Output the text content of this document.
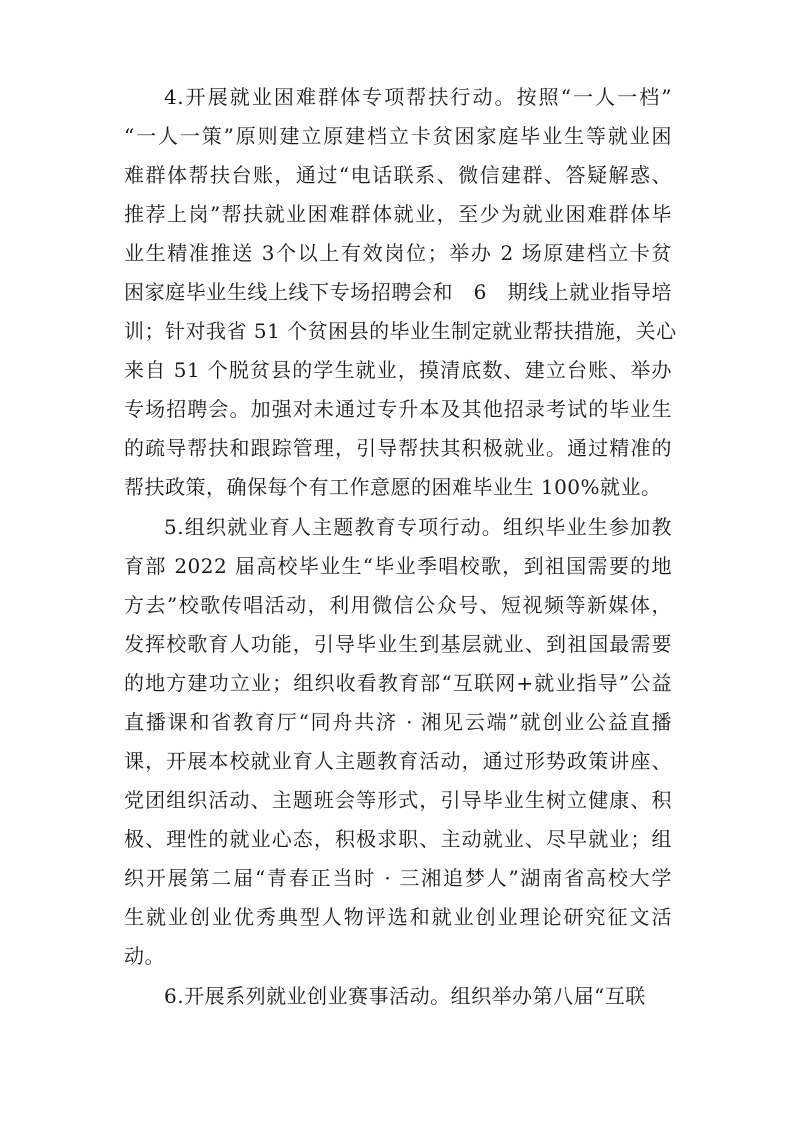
4.开展就业困难群体专项帮扶行动。按照“一人一档”
“一人一策”原则建立原建档立卡贫困家庭毕业生等就业困
难群体帮扶台账，通过“电话联系、微信建群、答疑解惑、
推荐上岗”帮扶就业困难群体就业，至少为就业困难群体毕
业生精准推送 3个以上有效岗位；举办 2 场原建档立卡贫
困家庭毕业生线上线下专场招聘会和　6　期线上就业指导培
训；针对我省 51 个贫困县的毕业生制定就业帮扶措施，关心
来自 51 个脱贫县的学生就业，摸清底数、建立台账、举办
专场招聘会。加强对未通过专升本及其他招录考试的毕业生
的疏导帮扶和跟踪管理，引导帮扶其积极就业。通过精准的
帮扶政策，确保每个有工作意愿的困难毕业生 100%就业。
5.组织就业育人主题教育专项行动。组织毕业生参加教
育部 2022 届高校毕业生“毕业季唱校歌，到祖国需要的地
方去”校歌传唱活动，利用微信公众号、短视频等新媒体，
发挥校歌育人功能，引导毕业生到基层就业、到祖国最需要
的地方建功立业；组织收看教育部“互联网+就业指导”公益
直播课和省教育厅“同舟共济 · 湘见云端”就创业公益直播
课，开展本校就业育人主题教育活动，通过形势政策讲座、
党团组织活动、主题班会等形式，引导毕业生树立健康、积
极、理性的就业心态，积极求职、主动就业、尽早就业；组
织开展第二届“青春正当时 · 三湘追梦人”湖南省高校大学
生就业创业优秀典型人物评选和就业创业理论研究征文活
动。
6.开展系列就业创业赛事活动。组织举办第八届“互联
